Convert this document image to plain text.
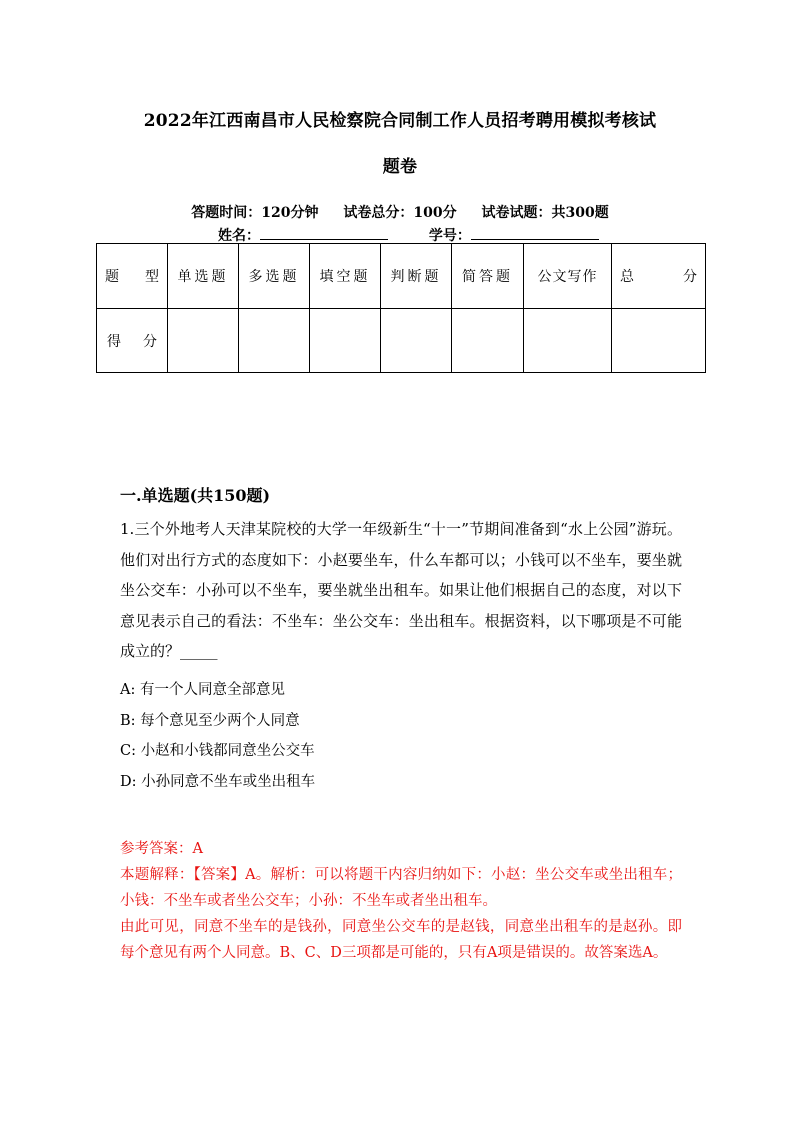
2022年江西南昌市人民检察院合同制工作人员招考聘用模拟考核试
题卷
答题时间：120分钟 试卷总分：100分 试卷试题：共300题
姓名：	学号：
题 型	单选题	多选题	填空题	判断题	简答题	公文写作	总 分

得 分							

一.单选题(共150题)

1.三个外地考人天津某院校的大学一年级新生“十一”节期间准备到“水上公园”游玩。他们对出行方式的态度如下：小赵要坐车，什么车都可以；小钱可以不坐车，要坐就坐公交车：小孙可以不坐车，要坐就坐出租车。如果让他们根据自己的态度，对以下意见表示自己的看法：不坐车：坐公交车：坐出租车。根据资料，以下哪项是不可能成立的？_____

A: 有一个人同意全部意见
B: 每个意见至少两个人同意
C: 小赵和小钱都同意坐公交车
D: 小孙同意不坐车或坐出租车

参考答案：A

本题解释：【答案】A。解析：可以将题干内容归纳如下：小赵：坐公交车或坐出租车；小钱：不坐车或者坐公交车；小孙：不坐车或者坐出租车。

由此可见，同意不坐车的是钱孙，同意坐公交车的是赵钱，同意坐出租车的是赵孙。即每个意见有两个人同意。B、C、D三项都是可能的，只有A项是错误的。故答案选A。
